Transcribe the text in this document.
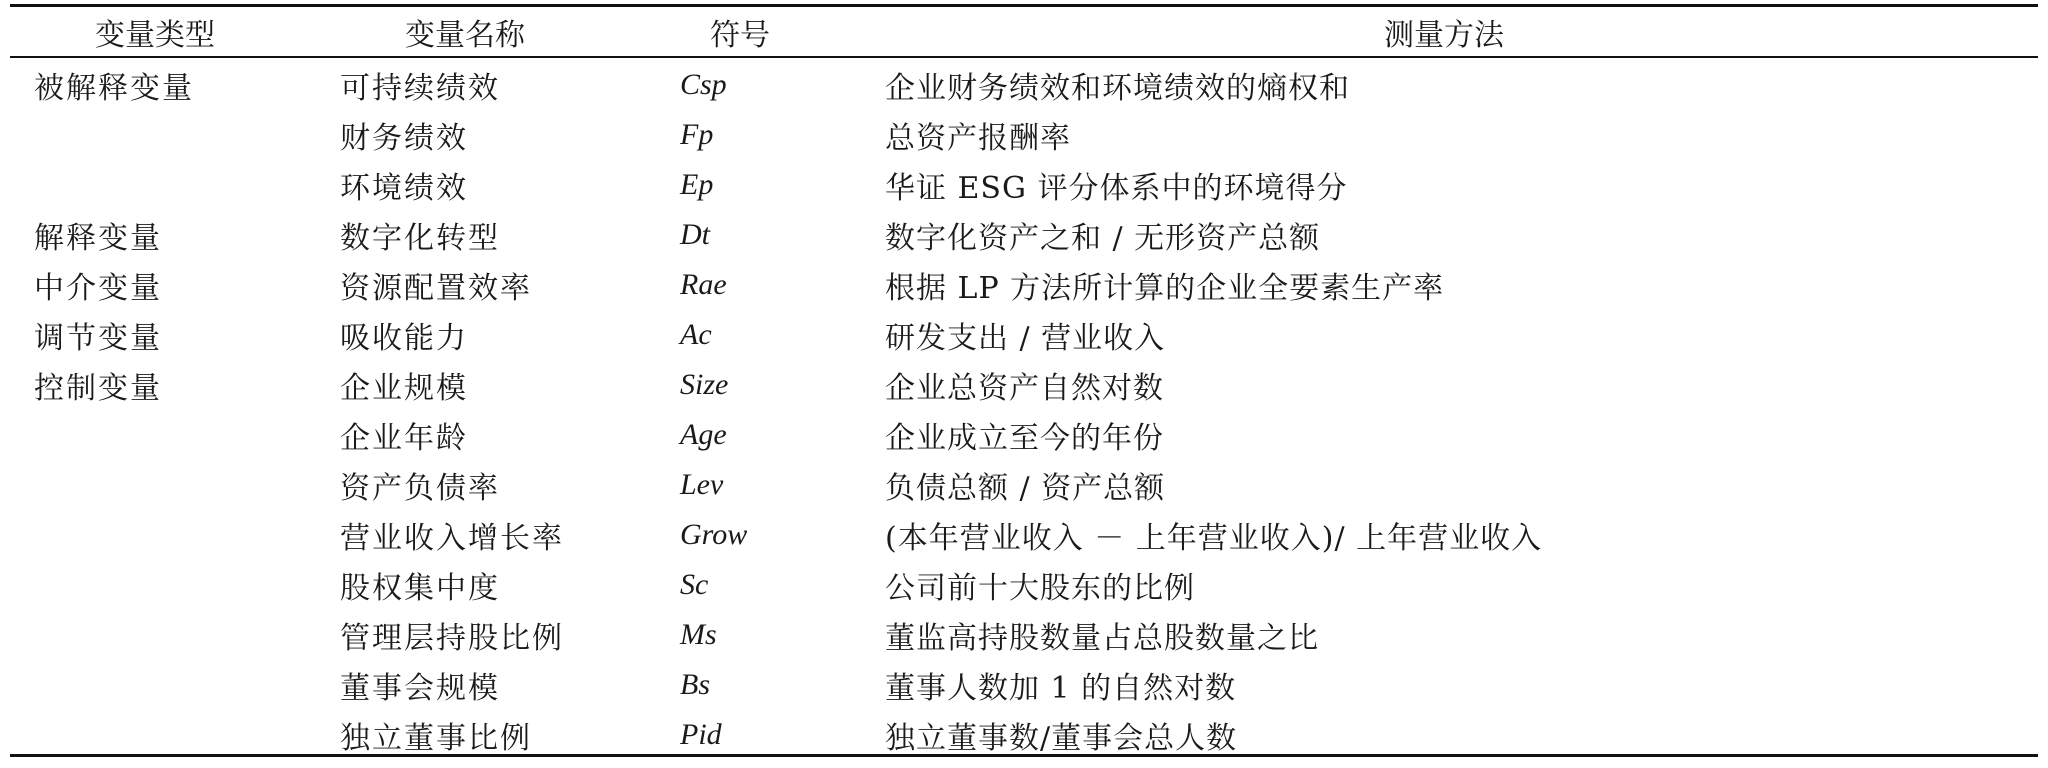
变量类型	变量名称	符号	测量方法
被解释变量	可持续绩效	Csp	企业财务绩效和环境绩效的熵权和
	财务绩效	Fp	总资产报酬率
	环境绩效	Ep	华证 ESG 评分体系中的环境得分
解释变量	数字化转型	Dt	数字化资产之和 / 无形资产总额
中介变量	资源配置效率	Rae	根据 LP 方法所计算的企业全要素生产率
调节变量	吸收能力	Ac	研发支出 / 营业收入
控制变量	企业规模	Size	企业总资产自然对数
	企业年龄	Age	企业成立至今的年份
	资产负债率	Lev	负债总额 / 资产总额
	营业收入增长率	Grow	(本年营业收入 － 上年营业收入)/ 上年营业收入
	股权集中度	Sc	公司前十大股东的比例
	管理层持股比例	Ms	董监高持股数量占总股数量之比
	董事会规模	Bs	董事人数加 1 的自然对数
	独立董事比例	Pid	独立董事数/董事会总人数
